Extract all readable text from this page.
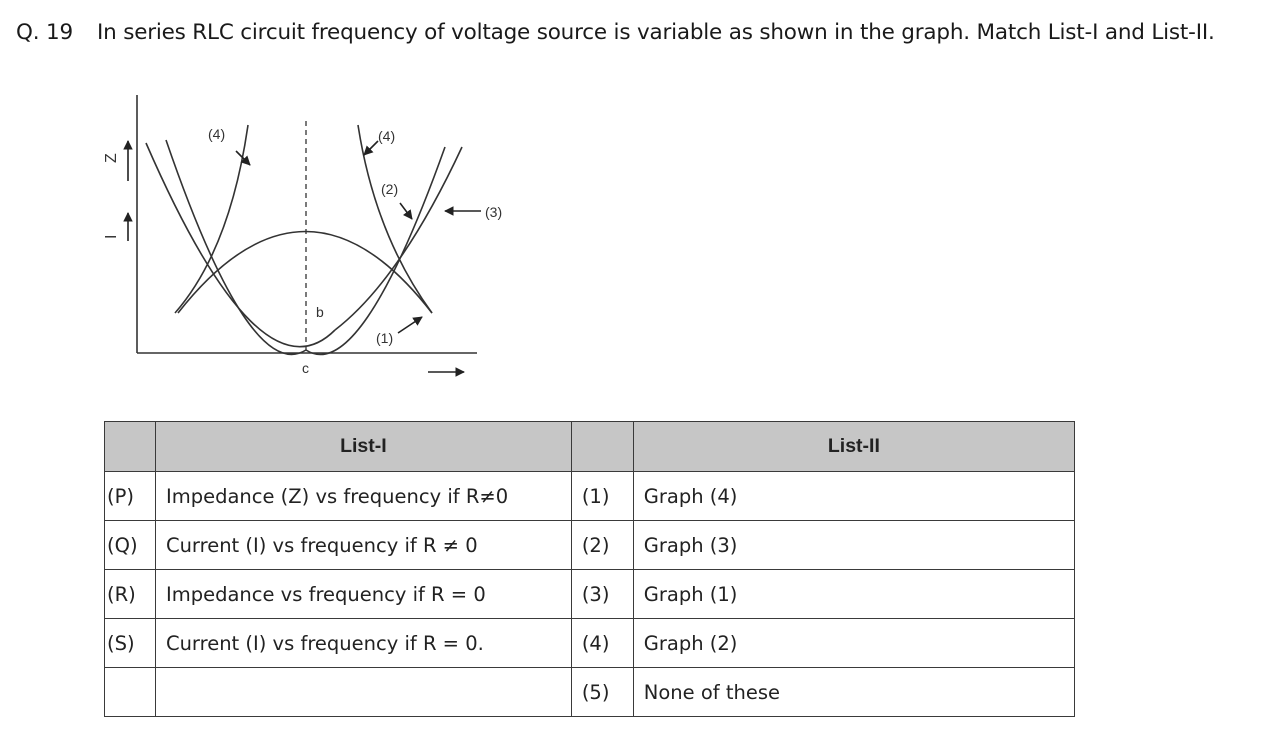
Q. 19 In series RLC circuit frequency of voltage source is variable as shown in the graph. Match List-I and List-II.
Z
I
c
b
(4)	(4)
(2)
(3)
(1)
	List-I		List-II
(P)	Impedance (Z) vs frequency if R≠0	(1)	Graph (4)
(Q)	Current (I) vs frequency if R ≠ 0	(2)	Graph (3)
(R)	Impedance vs frequency if R = 0	(3)	Graph (1)
(S)	Current (I) vs frequency if R = 0.	(4)	Graph (2)
		(5)	None of these
